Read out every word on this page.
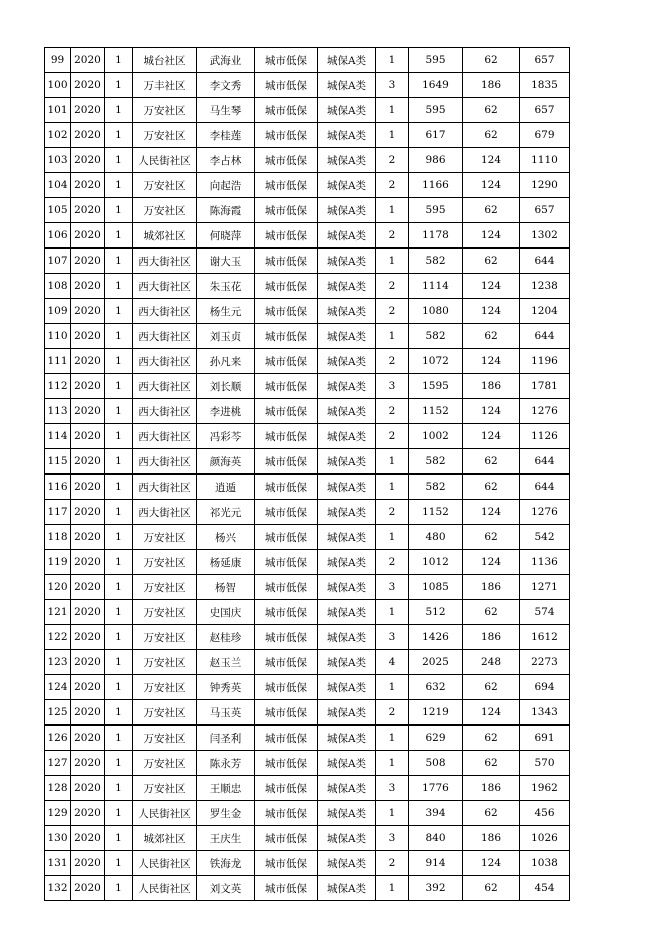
99	2020	1	城台社区	武海业	城市低保	城保A类	1	595	62	657
100	2020	1	万丰社区	李文秀	城市低保	城保A类	3	1649	186	1835
101	2020	1	万安社区	马生琴	城市低保	城保A类	1	595	62	657
102	2020	1	万安社区	李桂莲	城市低保	城保A类	1	617	62	679
103	2020	1	人民街社区	李占林	城市低保	城保A类	2	986	124	1110
104	2020	1	万安社区	向起浩	城市低保	城保A类	2	1166	124	1290
105	2020	1	万安社区	陈海霞	城市低保	城保A类	1	595	62	657
106	2020	1	城郊社区	何晓萍	城市低保	城保A类	2	1178	124	1302
107	2020	1	西大街社区	谢大玉	城市低保	城保A类	1	582	62	644
108	2020	1	西大街社区	朱玉花	城市低保	城保A类	2	1114	124	1238
109	2020	1	西大街社区	杨生元	城市低保	城保A类	2	1080	124	1204
110	2020	1	西大街社区	刘玉贞	城市低保	城保A类	1	582	62	644
111	2020	1	西大街社区	孙凡来	城市低保	城保A类	2	1072	124	1196
112	2020	1	西大街社区	刘长顺	城市低保	城保A类	3	1595	186	1781
113	2020	1	西大街社区	李进桃	城市低保	城保A类	2	1152	124	1276
114	2020	1	西大街社区	冯彩芩	城市低保	城保A类	2	1002	124	1126
115	2020	1	西大街社区	颜海英	城市低保	城保A类	1	582	62	644
116	2020	1	西大街社区	逍遁	城市低保	城保A类	1	582	62	644
117	2020	1	西大街社区	祁光元	城市低保	城保A类	2	1152	124	1276
118	2020	1	万安社区	杨兴	城市低保	城保A类	1	480	62	542
119	2020	1	万安社区	杨延康	城市低保	城保A类	2	1012	124	1136
120	2020	1	万安社区	杨智	城市低保	城保A类	3	1085	186	1271
121	2020	1	万安社区	史国庆	城市低保	城保A类	1	512	62	574
122	2020	1	万安社区	赵桂珍	城市低保	城保A类	3	1426	186	1612
123	2020	1	万安社区	赵玉兰	城市低保	城保A类	4	2025	248	2273
124	2020	1	万安社区	钟秀英	城市低保	城保A类	1	632	62	694
125	2020	1	万安社区	马玉英	城市低保	城保A类	2	1219	124	1343
126	2020	1	万安社区	闫圣利	城市低保	城保A类	1	629	62	691
127	2020	1	万安社区	陈永芳	城市低保	城保A类	1	508	62	570
128	2020	1	万安社区	王顺忠	城市低保	城保A类	3	1776	186	1962
129	2020	1	人民街社区	罗生金	城市低保	城保A类	1	394	62	456
130	2020	1	城郊社区	王庆生	城市低保	城保A类	3	840	186	1026
131	2020	1	人民街社区	铁海龙	城市低保	城保A类	2	914	124	1038
132	2020	1	人民街社区	刘文英	城市低保	城保A类	1	392	62	454
